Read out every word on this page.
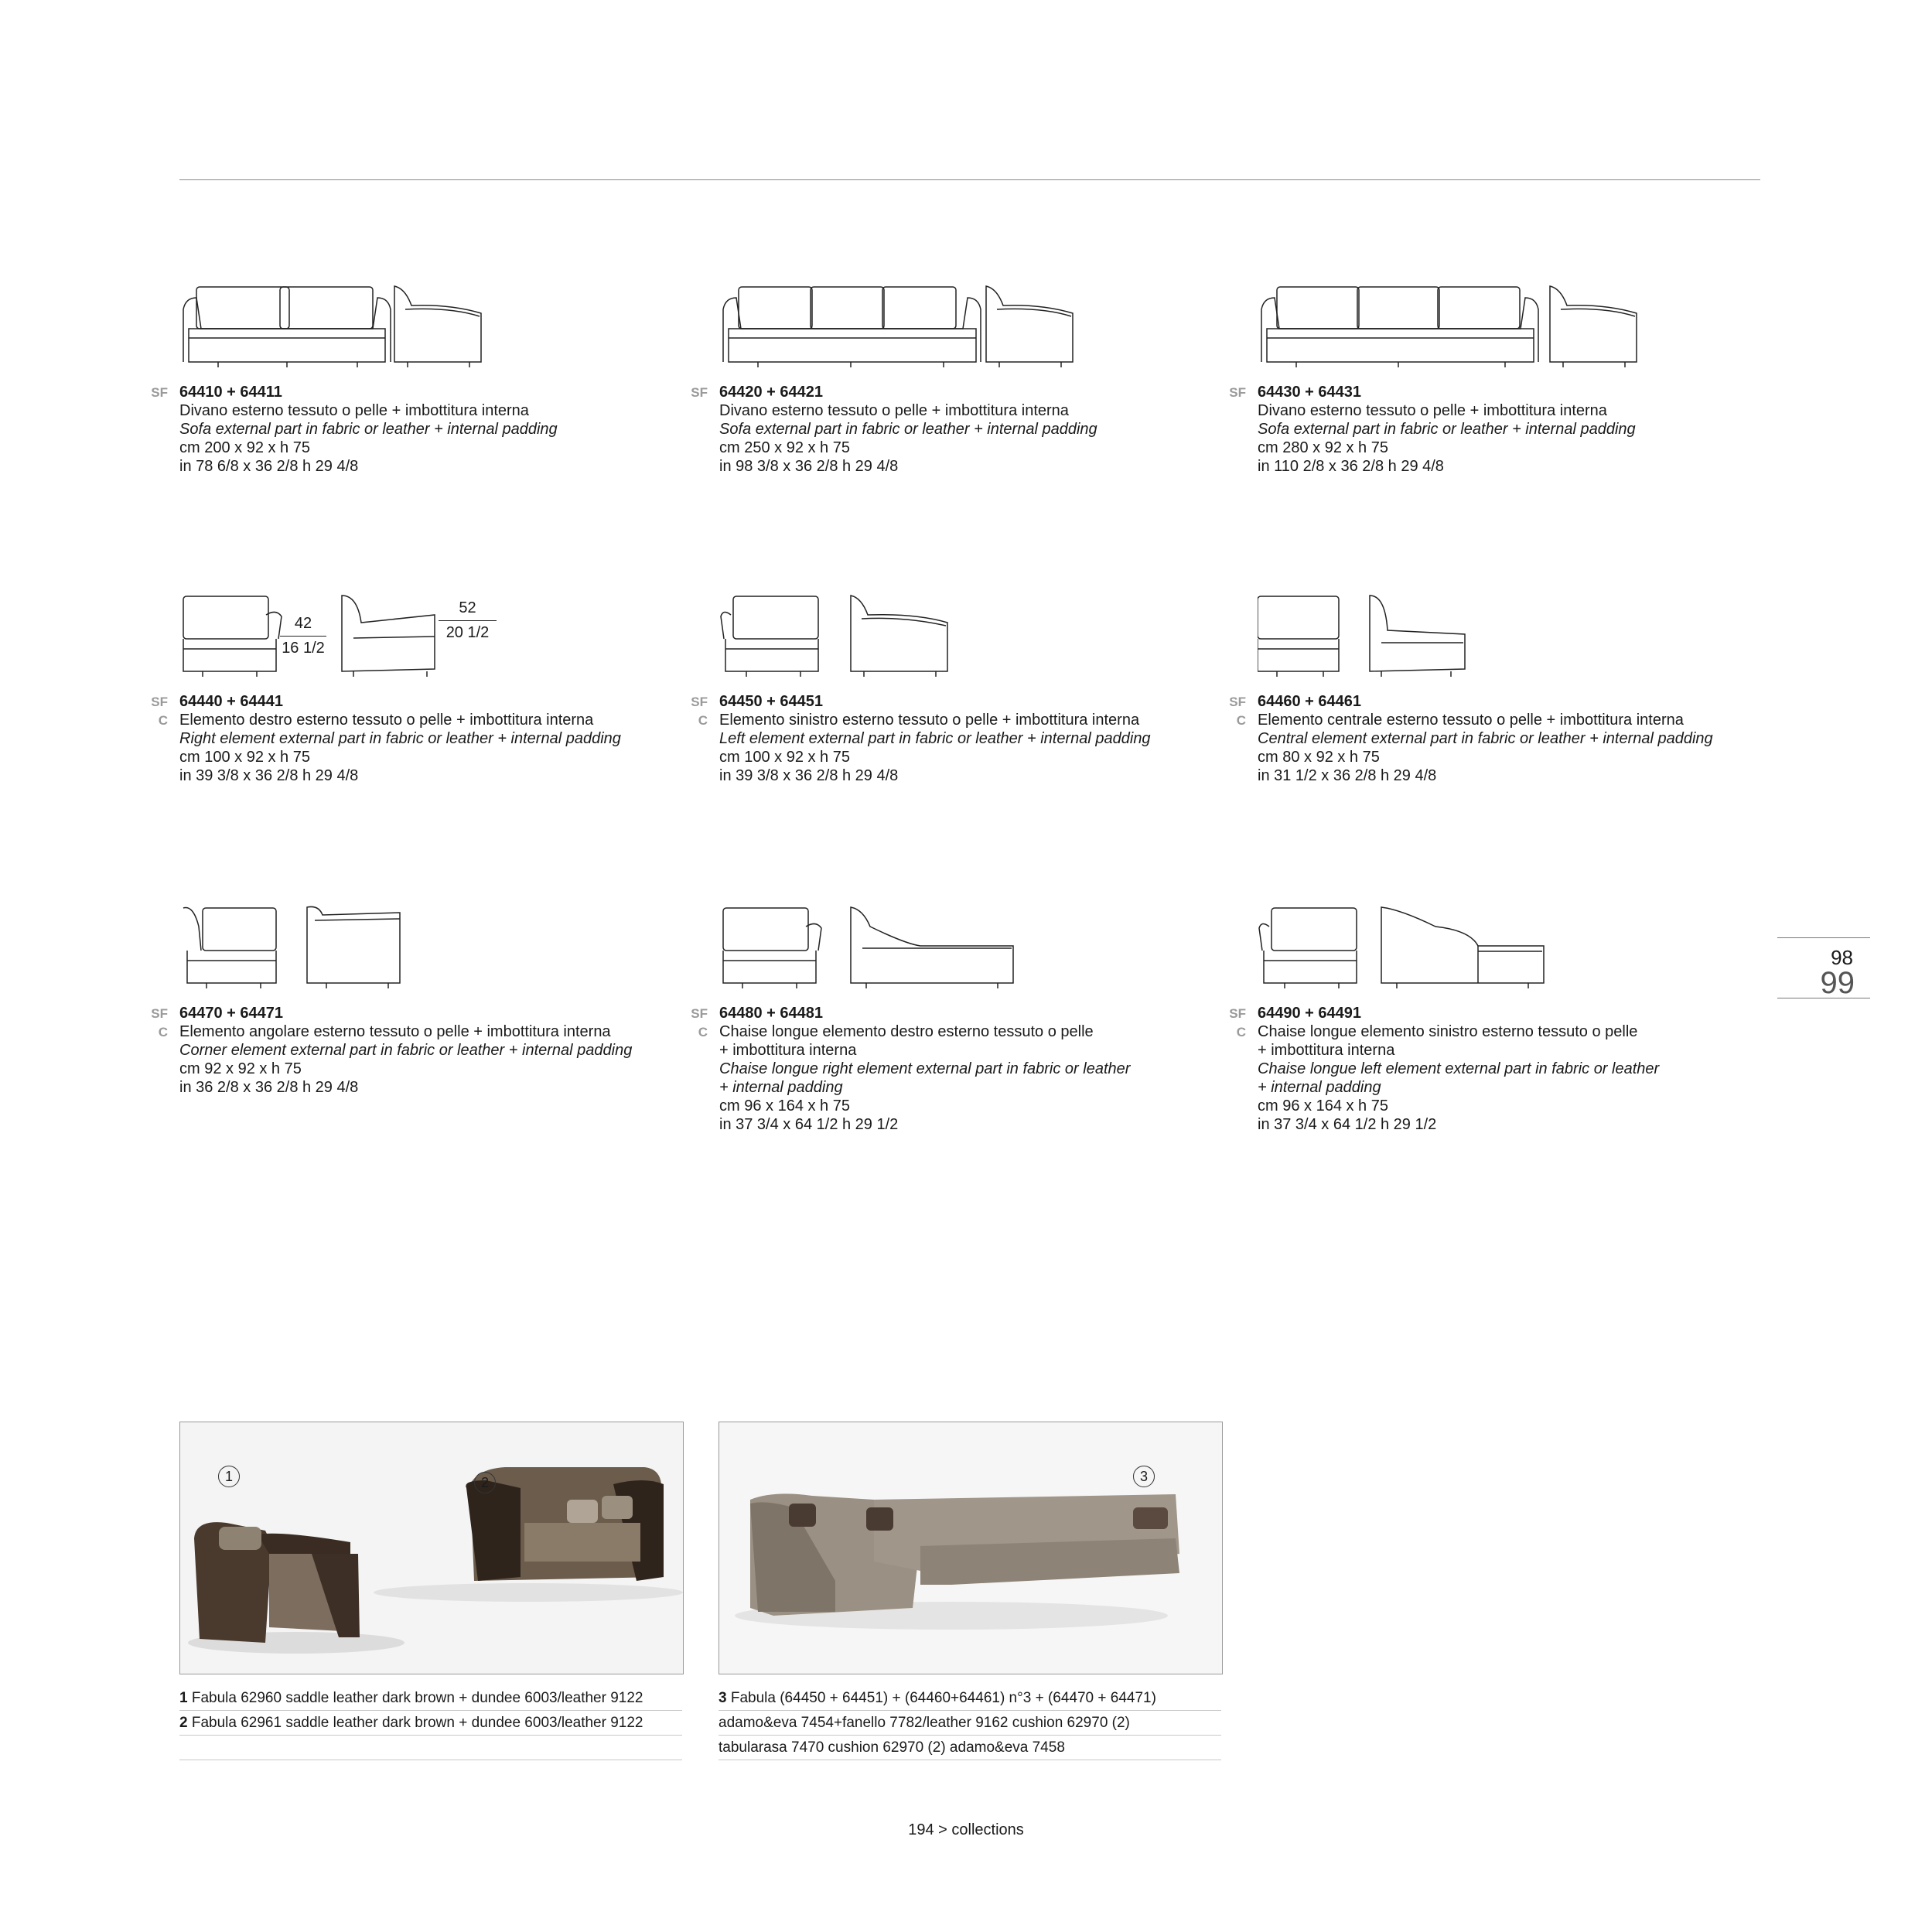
SF 64410 + 64411
Divano esterno tessuto o pelle + imbottitura interna
Sofa external part in fabric or leather + internal padding
cm 200 x 92 x h 75
in 78 6/8 x 36 2/8 h 29 4/8
SF 64420 + 64421
Divano esterno tessuto o pelle + imbottitura interna
Sofa external part in fabric or leather + internal padding
cm 250 x 92 x h 75
in 98 3/8 x 36 2/8 h 29 4/8
SF 64430 + 64431
Divano esterno tessuto o pelle + imbottitura interna
Sofa external part in fabric or leather + internal padding
cm 280 x 92 x h 75
in 110 2/8 x 36 2/8 h 29 4/8
42
16 1/2
52
20 1/2
SF
C
64440 + 64441
Elemento destro esterno tessuto o pelle + imbottitura interna
Right element external part in fabric or leather + internal padding
cm 100 x 92 x h 75
in 39 3/8 x 36 2/8 h 29 4/8
SF
C
64450 + 64451
Elemento sinistro esterno tessuto o pelle + imbottitura interna
Left element external part in fabric or leather + internal padding
cm 100 x 92 x h 75
in 39 3/8 x 36 2/8 h 29 4/8
SF
C
64460 + 64461
Elemento centrale esterno tessuto o pelle + imbottitura interna
Central element external part in fabric or leather + internal padding
cm 80 x 92 x h 75
in 31 1/2 x 36 2/8 h 29 4/8
SF
C
64470 + 64471
Elemento angolare esterno tessuto o pelle + imbottitura interna
Corner element external part in fabric or leather + internal padding
cm 92 x 92 x h 75
in 36 2/8 x 36 2/8 h 29 4/8
SF
C
64480 + 64481
Chaise longue elemento destro esterno tessuto o pelle
+ imbottitura interna
Chaise longue right element external part in fabric or leather
+ internal padding
cm 96 x 164 x h 75
in 37 3/4 x 64 1/2 h 29 1/2
SF
C
64490 + 64491
Chaise longue elemento sinistro esterno tessuto o pelle
+ imbottitura interna
Chaise longue left element external part in fabric or leather
+ internal padding
cm 96 x 164 x h 75
in 37 3/4 x 64 1/2 h 29 1/2
98
99
1	2	3
1 Fabula 62960 saddle leather dark brown + dundee 6003/leather 9122
2 Fabula 62961 saddle leather dark brown + dundee 6003/leather 9122
3 Fabula (64450 + 64451) + (64460+64461) n°3 + (64470 + 64471)
adamo&eva 7454+fanello 7782/leather 9162 cushion 62970 (2)
tabularasa 7470 cushion 62970 (2) adamo&eva 7458
194 > collections
